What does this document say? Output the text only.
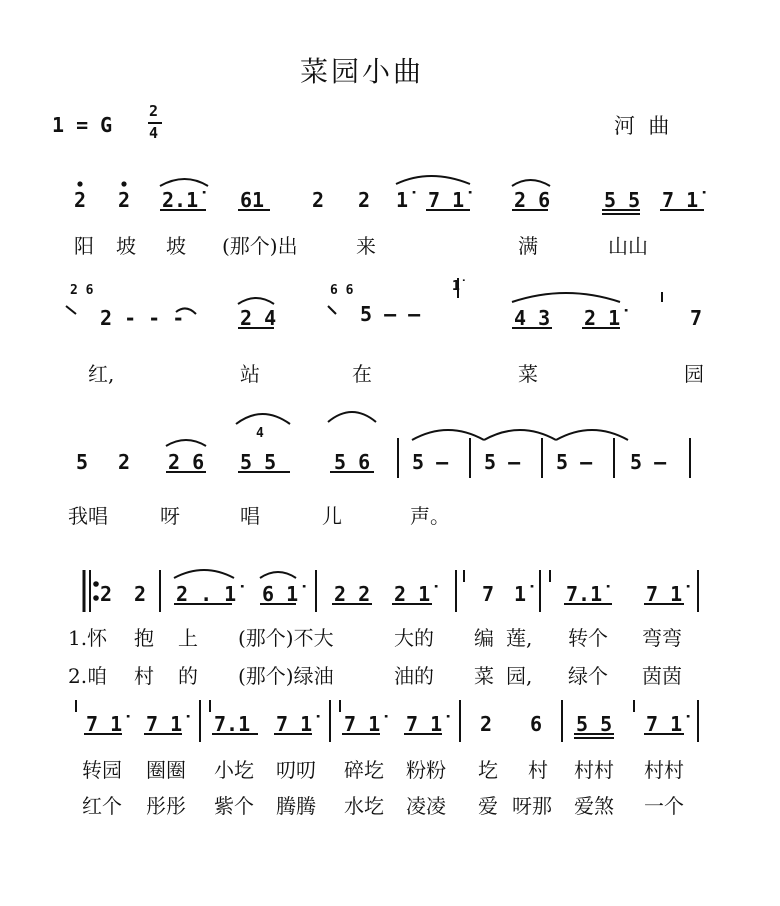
菜园小曲
1 = G
2
4	河  曲
2 2 2.1̇ 61 2 2 1̇ 7 1̇ 2 6	5 5 7 1̇
阳 坡 坡 (那个)出	来	满	山山
2 6	6 6	1̇
2 - - -	2 4	5 — —	4 3 2 1̇	7
红,	站	在	菜	园
4
5 2 2 6 5 5	5 6 5 — 5 — 5 — 5 —
我唱	呀	唱	儿	声。
2 2 2 . 1̇ 6 1̇ 2 2 2 1̇	7 1̇ 7.1̇ 7 1̇
1.怀 抱 上 (那个)不大	大的 编 莲, 转个 弯弯
2.咱 村 的 (那个)绿油	油的 菜 园, 绿个 茵茵
7 1̇ 7 1̇ 7.1 7 1̇ 7 1̇ 7 1̇ 2 6 5 5 7 1̇
转园 圈圈 小圪 叨叨 碎圪 粉粉 圪 村 村村 村村
红个 彤彤 紫个 腾腾 水圪 凌凌 爱 呀那 爱煞 一个
